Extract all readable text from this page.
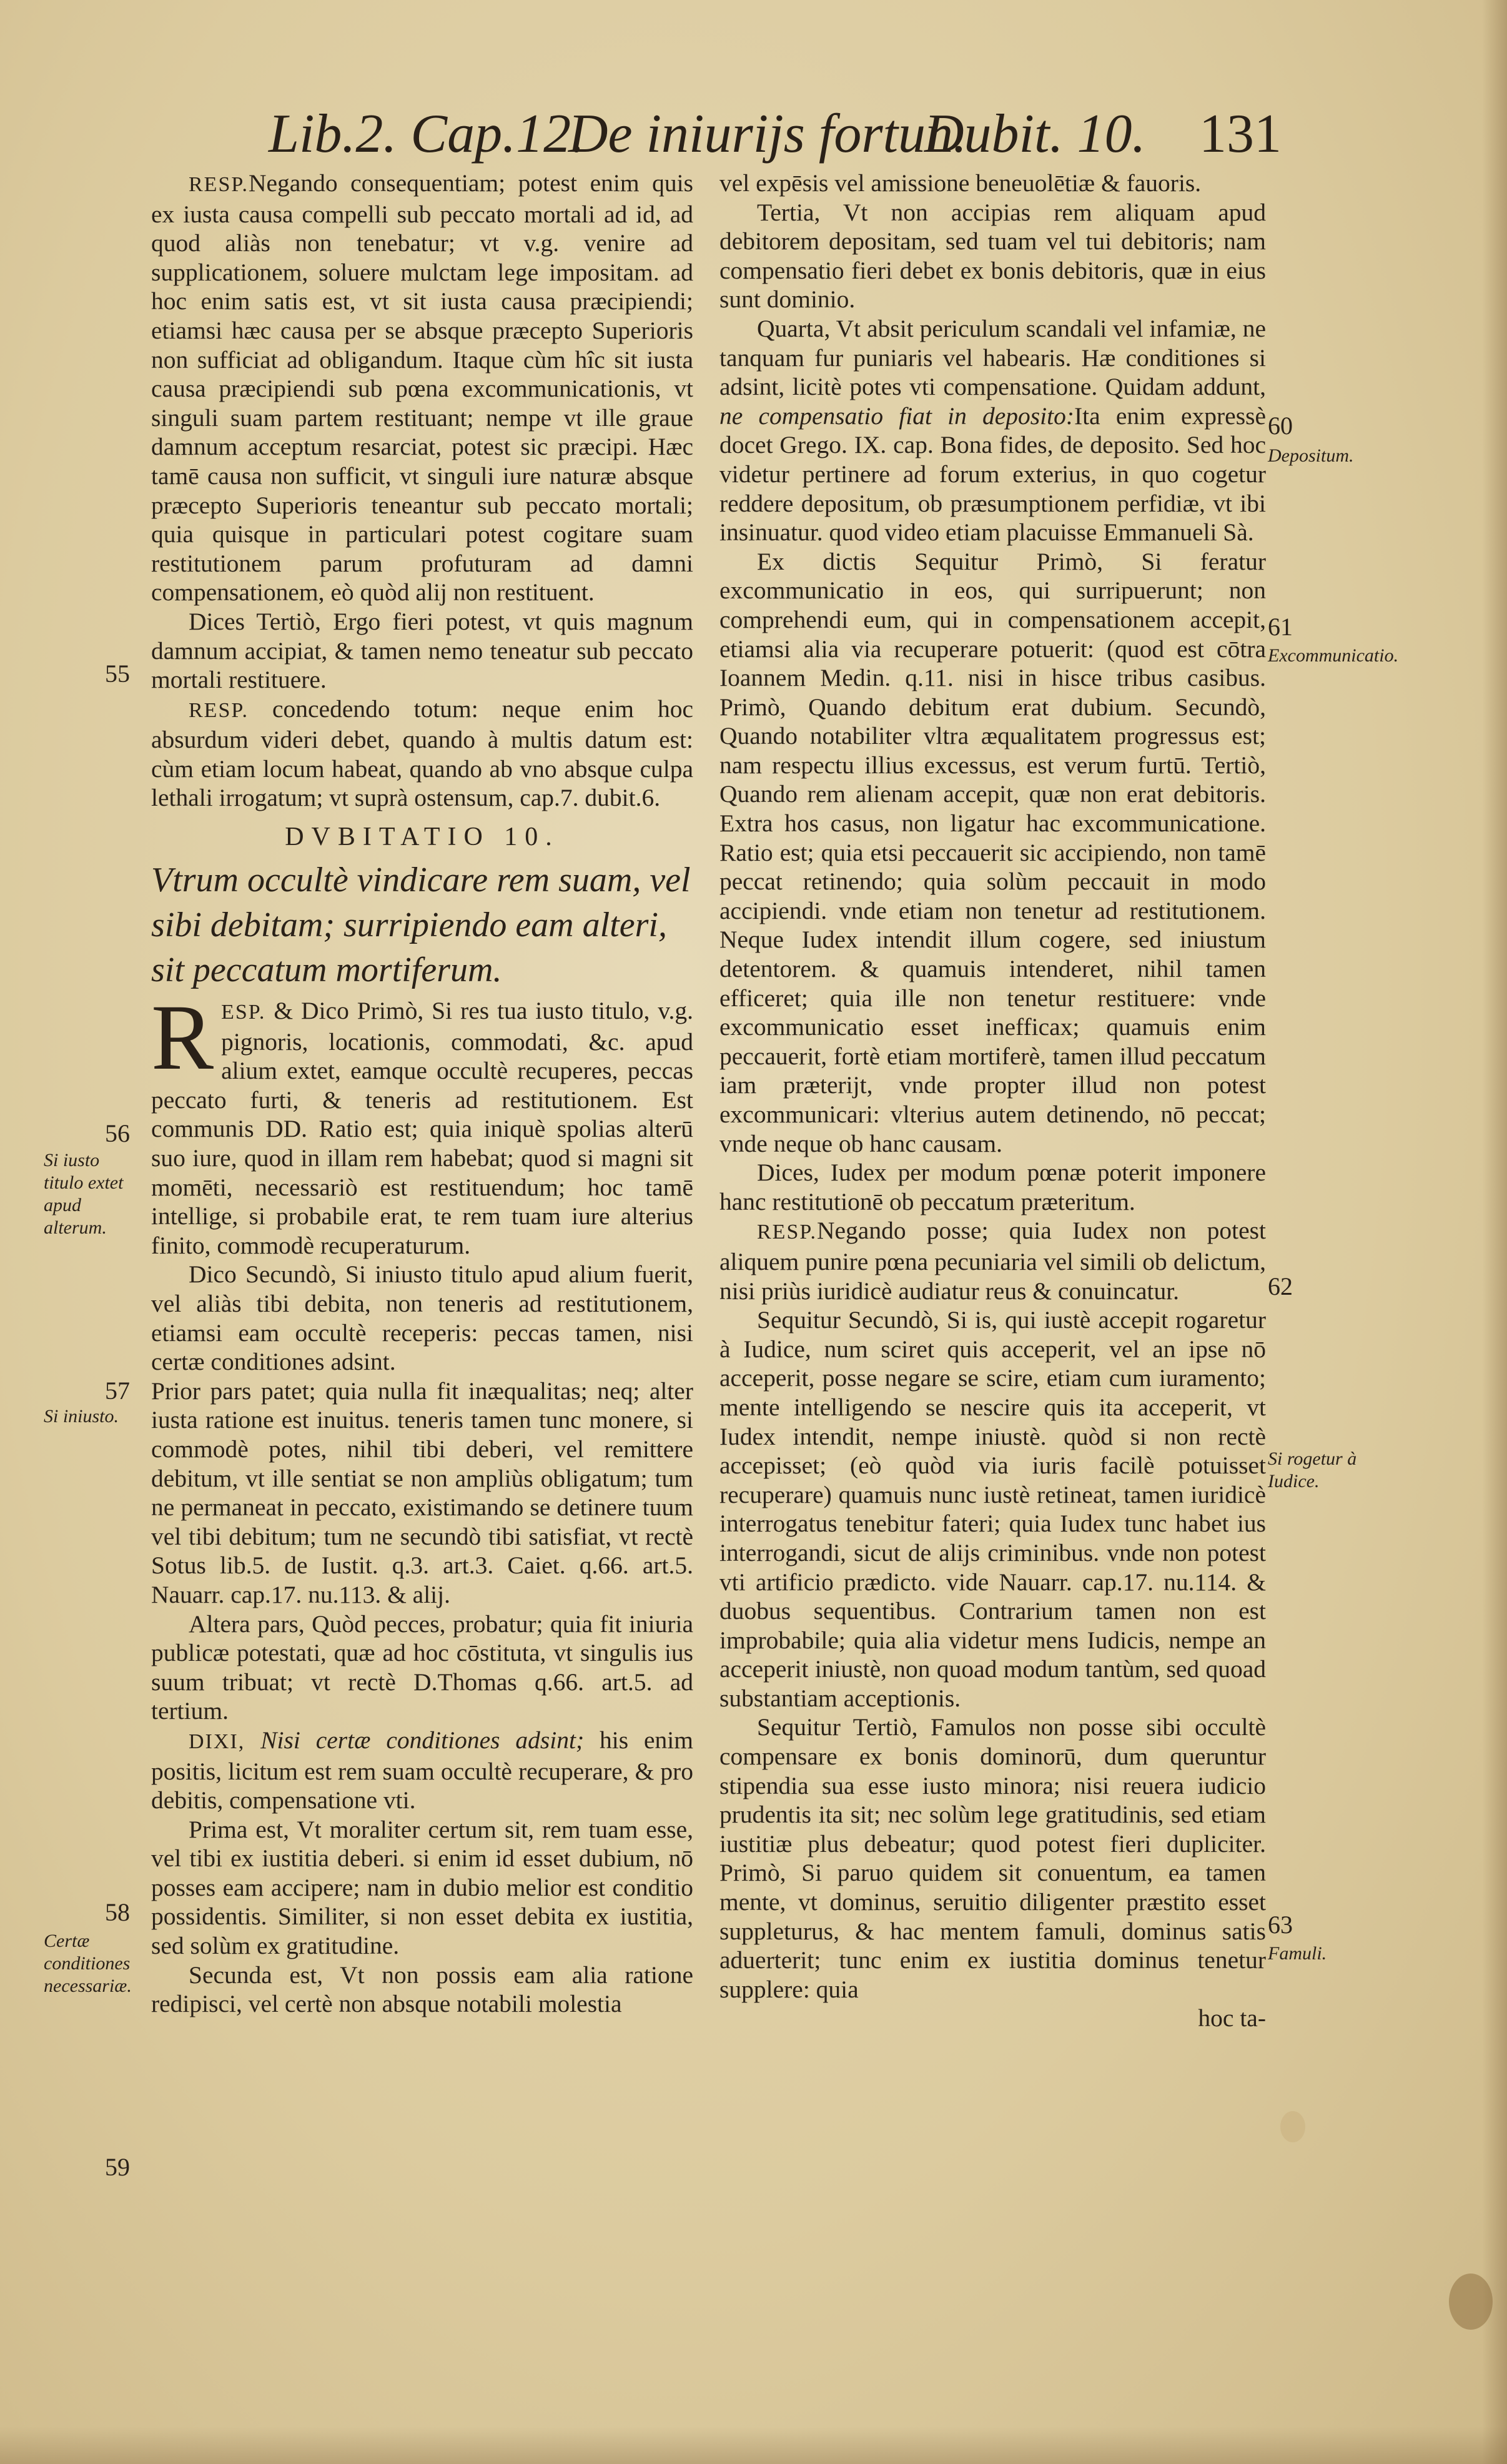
Lib.2. Cap.12.
De iniurijs fortun.
Dubit. 10. 131

RESP.Negando consequentiam; potest enim quis ex iusta causa compelli sub peccato mortali ad id, ad quod aliàs non tenebatur; vt v.g. venire ad supplicationem, soluere mulctam lege impositam. ad hoc enim satis est, vt sit iusta causa præcipiendi; etiamsi hæc causa per se absque præcepto Superioris non sufficiat ad obligandum. Itaque cùm hîc sit iusta causa præcipiendi sub pœna excommunicationis, vt singuli suam partem restituant; nempe vt ille graue damnum acceptum resarciat, potest sic præcipi. Hæc tamē causa non sufficit, vt singuli iure naturæ absque præcepto Superioris teneantur sub peccato mortali; quia quisque in particulari potest cogitare suam restitutionem parum profuturam ad damni compensationem, eò quòd alij non restituent.

Dices Tertiò, Ergo fieri potest, vt quis magnum damnum accipiat, & tamen nemo teneatur sub peccato mortali restituere.

RESP. concedendo totum: neque enim hoc absurdum videri debet, quando à multis datum est: cùm etiam locum habeat, quando ab vno absque culpa lethali irrogatum; vt suprà ostensum, cap.7. dubit.6.

DVBITATIO 10.
Vtrum occultè vindicare rem suam, vel sibi debitam; surripiendo eam alteri, sit peccatum mortiferum.

RESP. & Dico Primò, Si res tua iusto titulo, v.g. pignoris, locationis, commodati, &c. apud alium extet, eamque occultè recuperes, peccas peccato furti, & teneris ad restitutionem. Est communis DD. Ratio est; quia iniquè spolias alterū suo iure, quod in illam rem habebat; quod si magni sit momēti, necessariò est restituendum; hoc tamē intellige, si probabile erat, te rem tuam iure alterius finito, commodè recuperaturum.

Dico Secundò, Si iniusto titulo apud alium fuerit, vel aliàs tibi debita, non teneris ad restitutionem, etiamsi eam occultè receperis: peccas tamen, nisi certæ conditiones adsint.

Prior pars patet; quia nulla fit inæqualitas; neq; alter iusta ratione est inuitus. teneris tamen tunc monere, si commodè potes, nihil tibi deberi, vel remittere debitum, vt ille sentiat se non ampliùs obligatum; tum ne permaneat in peccato, existimando se detinere tuum vel tibi debitum; tum ne secundò tibi satisfiat, vt rectè Sotus lib.5. de Iustit. q.3. art.3. Caiet. q.66. art.5. Nauarr. cap.17. nu.113. & alij.

Altera pars, Quòd pecces, probatur; quia fit iniuria publicæ potestati, quæ ad hoc cōstituta, vt singulis ius suum tribuat; vt rectè D.Thomas q.66. art.5. ad tertium.

DIXI, Nisi certæ conditiones adsint; his enim positis, licitum est rem suam occultè recuperare, & pro debitis, compensatione vti.

Prima est, Vt moraliter certum sit, rem tuam esse, vel tibi ex iustitia deberi. si enim id esset dubium, nō posses eam accipere; nam in dubio melior est conditio possidentis. Similiter, si non esset debita ex iustitia, sed solùm ex gratitudine.

Secunda est, Vt non possis eam alia ratione redipisci, vel certè non absque notabili molestia

vel expēsis vel amissione beneuolētiæ & fauoris.

Tertia, Vt non accipias rem aliquam apud debitorem depositam, sed tuam vel tui debitoris; nam compensatio fieri debet ex bonis debitoris, quæ in eius sunt dominio.

Quarta, Vt absit periculum scandali vel infamiæ, ne tanquam fur puniaris vel habearis. Hæ conditiones si adsint, licitè potes vti compensatione. Quidam addunt, ne compensatio fiat in deposito:Ita enim expressè docet Grego. IX. cap. Bona fides, de deposito. Sed hoc videtur pertinere ad forum exterius, in quo cogetur reddere depositum, ob præsumptionem perfidiæ, vt ibi insinuatur. quod video etiam placuisse Emmanueli Sà.

Ex dictis Sequitur Primò, Si feratur excommunicatio in eos, qui surripuerunt; non comprehendi eum, qui in compensationem accepit, etiamsi alia via recuperare potuerit: (quod est cōtra Ioannem Medin. q.11. nisi in hisce tribus casibus. Primò, Quando debitum erat dubium. Secundò, Quando notabiliter vltra æqualitatem progressus est; nam respectu illius excessus, est verum furtū. Tertiò, Quando rem alienam accepit, quæ non erat debitoris. Extra hos casus, non ligatur hac excommunicatione. Ratio est; quia etsi peccauerit sic accipiendo, non tamē peccat retinendo; quia solùm peccauit in modo accipiendi. vnde etiam non tenetur ad restitutionem. Neque Iudex intendit illum cogere, sed iniustum detentorem. & quamuis intenderet, nihil tamen efficeret; quia ille non tenetur restituere: vnde excommunicatio esset inefficax; quamuis enim peccauerit, fortè etiam mortiferè, tamen illud peccatum iam præterijt, vnde propter illud non potest excommunicari: vlterius autem detinendo, nō peccat; vnde neque ob hanc causam.

Dices, Iudex per modum pœnæ poterit imponere hanc restitutionē ob peccatum præteritum.

RESP.Negando posse; quia Iudex non potest aliquem punire pœna pecuniaria vel simili ob delictum, nisi priùs iuridicè audiatur reus & conuincatur.

Sequitur Secundò, Si is, qui iustè accepit rogaretur à Iudice, num sciret quis acceperit, vel an ipse nō acceperit, posse negare se scire, etiam cum iuramento; mente intelligendo se nescire quis ita acceperit, vt Iudex intendit, nempe iniustè. quòd si non rectè accepisset; (eò quòd via iuris facilè potuisset recuperare) quamuis nunc iustè retineat, tamen iuridicè interrogatus tenebitur fateri; quia Iudex tunc habet ius interrogandi, sicut de alijs criminibus. vnde non potest vti artificio prædicto. vide Nauarr. cap.17. nu.114. & duobus sequentibus. Contrarium tamen non est improbabile; quia alia videtur mens Iudicis, nempe an acceperit iniustè, non quoad modum tantùm, sed quoad substantiam acceptionis.

Sequitur Tertiò, Famulos non posse sibi occultè compensare ex bonis dominorū, dum queruntur stipendia sua esse iusto minora; nisi reuera iudicio prudentis ita sit; nec solùm lege gratitudinis, sed etiam iustitiæ plus debeatur; quod potest fieri dupliciter. Primò, Si paruo quidem sit conuentum, ea tamen mente, vt dominus, seruitio diligenter præstito esset suppleturus, & hac mentem famuli, dominus satis aduerterit; tunc enim ex iustitia dominus tenetur supplere: quia

hoc ta-

55
56
57
58
59
60
61
62
63
Si iusto titulo extet apud alterum.
Si iniusto.
Certæ conditiones necessariæ.
Depositum.
Excommunicatio.
Si rogetur à Iudice.
Famuli.
